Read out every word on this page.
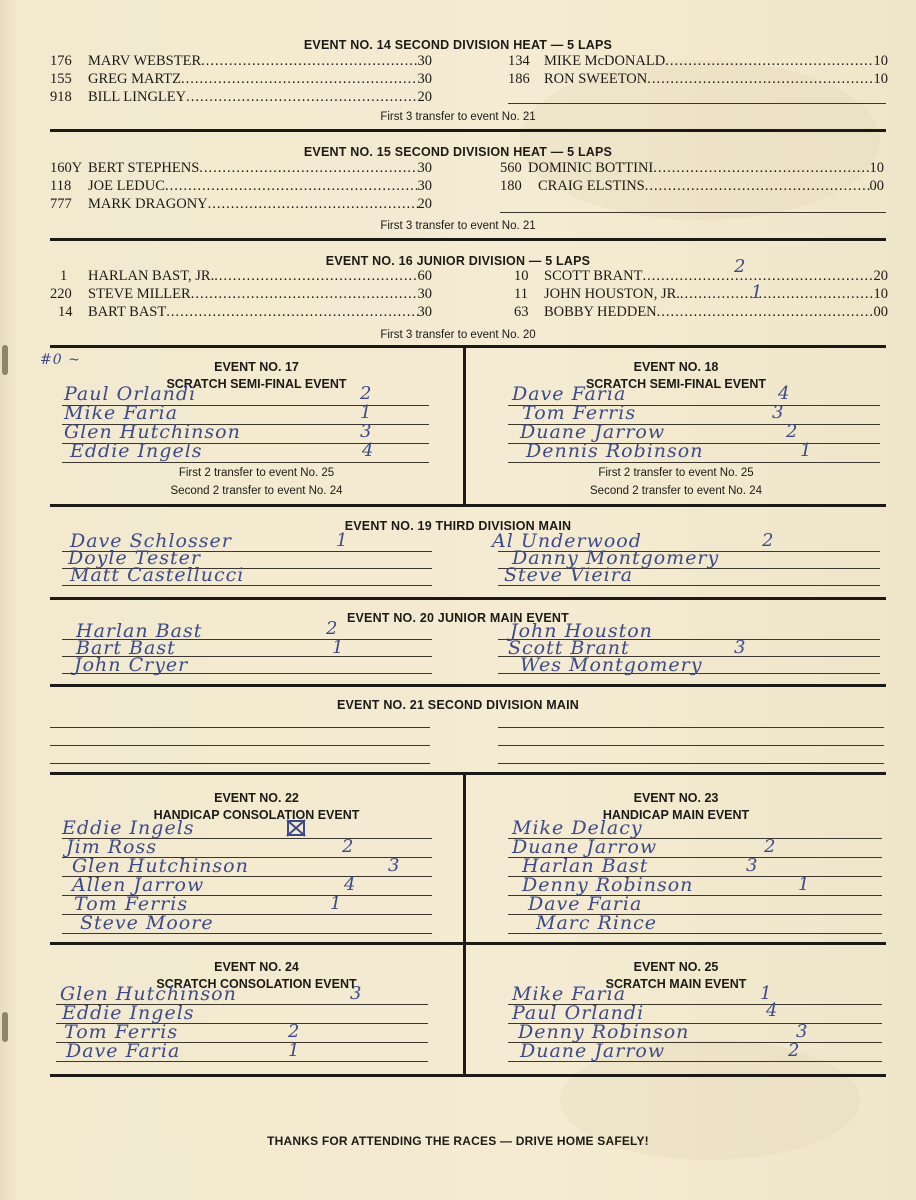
EVENT NO. 14 SECOND DIVISION HEAT — 5 LAPS
176	MARV WEBSTER .....	30
155	GREG MARTZ .....	30
918	BILL LINGLEY .....	20
134 MIKE McDONALD .....	10
186 RON SWEETON .....	10
First 3 transfer to event No. 21
EVENT NO. 15 SECOND DIVISION HEAT — 5 LAPS
160Y BERT STEPHENS .....	30
118	JOE LEDUC .....	30
777	MARK DRAGONY .....	20
560 DOMINIC BOTTINI .....	10
180	CRAIG ELSTINS .....	00
First 3 transfer to event No. 21
EVENT NO. 16 JUNIOR DIVISION — 5 LAPS
1	HARLAN BAST, JR. .....	60
220	STEVE MILLER .....	30
14	BART BAST .....	30
10	SCOTT BRANT .....	20
11	JOHN HOUSTON, JR. .....	10
63	BOBBY HEDDEN .....	00
2
1
First 3 transfer to event No. 20
EVENT NO. 17
SCRATCH SEMI-FINAL EVENT
EVENT NO. 18
SCRATCH SEMI-FINAL EVENT
#0 ~
Paul Orlandi	2
Mike Faria	1
Glen Hutchinson	3
Eddie Ingels	4
First 2 transfer to event No. 25
Second 2 transfer to event No. 24
Dave Faria	4
Tom Ferris	3
Duane Jarrow	2
Dennis Robinson	1
First 2 transfer to event No. 25
Second 2 transfer to event No. 24
EVENT NO. 19 THIRD DIVISION MAIN
Dave Schlosser	1
Doyle Tester
Matt Castellucci
Al Underwood	2
Danny Montgomery
Steve Vieira
EVENT NO. 20 JUNIOR MAIN EVENT
Harlan Bast	2
Bart Bast	1
John Cryer
John Houston
Scott Brant	3
Wes Montgomery
EVENT NO. 21 SECOND DIVISION MAIN
EVENT NO. 22
HANDICAP CONSOLATION EVENT
EVENT NO. 23
HANDICAP MAIN EVENT
Eddie Ingels
Jim Ross	2
Glen Hutchinson	3
Allen Jarrow	4
Tom Ferris	1
Steve Moore
Mike Delacy
Duane Jarrow	2
Harlan Bast	3
Denny Robinson	1
Dave Faria
Marc Rince
EVENT NO. 24
SCRATCH CONSOLATION EVENT
EVENT NO. 25
SCRATCH MAIN EVENT
Glen Hutchinson	3
Eddie Ingels
Tom Ferris	2
Dave Faria	1
Mike Faria	1
Paul Orlandi	4
Denny Robinson	3
Duane Jarrow	2
THANKS FOR ATTENDING THE RACES — DRIVE HOME SAFELY!
